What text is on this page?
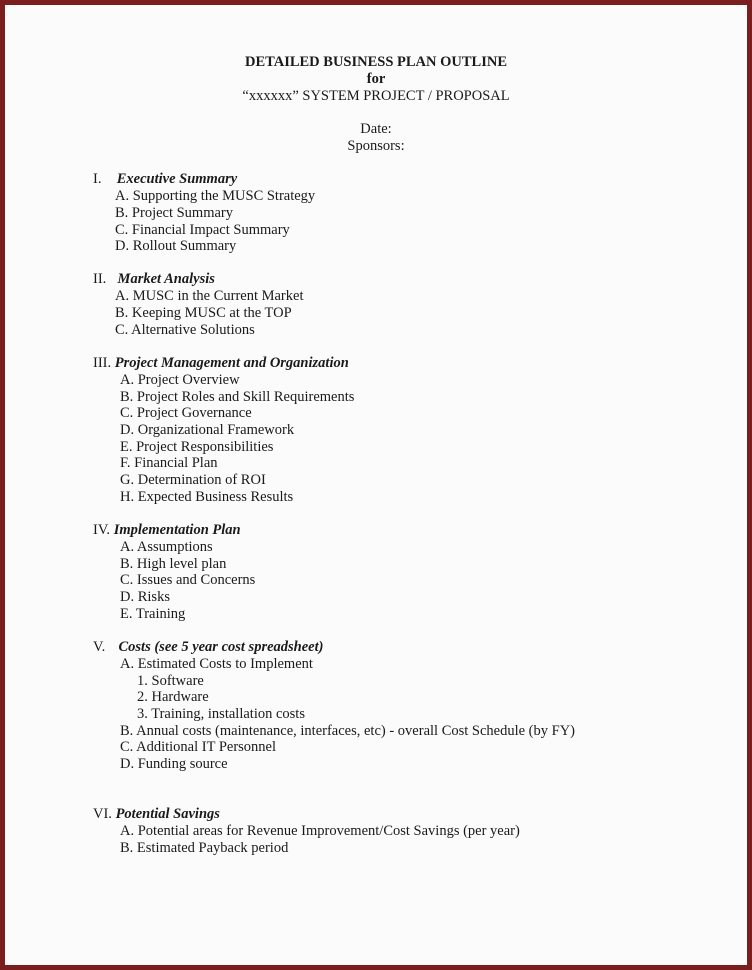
DETAILED BUSINESS PLAN OUTLINE
for
“xxxxxx” SYSTEM PROJECT / PROPOSAL
Date:
Sponsors:
I. Executive Summary
A. Supporting the MUSC Strategy
B. Project Summary
C. Financial Impact Summary
D. Rollout Summary
II. Market Analysis
A. MUSC in the Current Market
B. Keeping MUSC at the TOP
C. Alternative Solutions
III. Project Management and Organization
A. Project Overview
B. Project Roles and Skill Requirements
C. Project Governance
D. Organizational Framework
E. Project Responsibilities
F. Financial Plan
G. Determination of ROI
H. Expected Business Results
IV. Implementation Plan
A. Assumptions
B. High level plan
C. Issues and Concerns
D. Risks
E. Training
V. Costs (see 5 year cost spreadsheet)
A. Estimated Costs to Implement
1. Software
2. Hardware
3. Training, installation costs
B. Annual costs (maintenance, interfaces, etc) - overall Cost Schedule (by FY)
C. Additional IT Personnel
D. Funding source
VI. Potential Savings
A. Potential areas for Revenue Improvement/Cost Savings (per year)
B. Estimated Payback period
